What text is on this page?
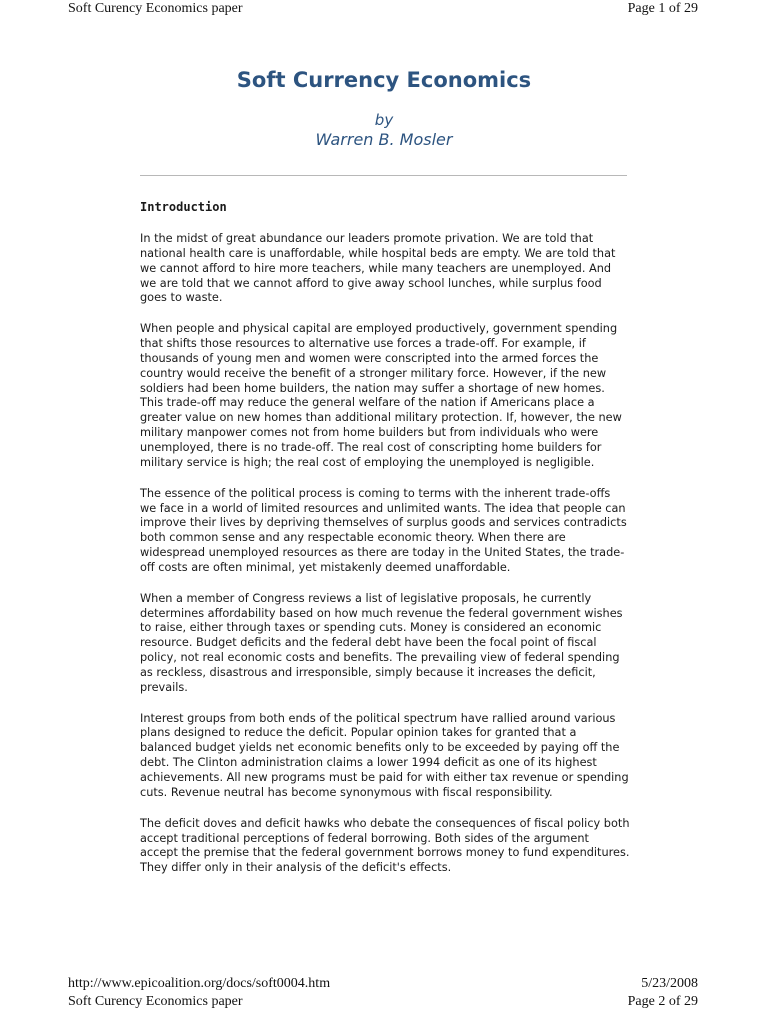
Soft Curency Economics paper	Page 1 of 29
Soft Currency Economics
by
Warren B. Mosler
Introduction

In the midst of great abundance our leaders promote privation. We are told that national health care is unaffordable, while hospital beds are empty. We are told that we cannot afford to hire more teachers, while many teachers are unemployed. And we are told that we cannot afford to give away school lunches, while surplus food goes to waste.

When people and physical capital are employed productively, government spending that shifts those resources to alternative use forces a trade-off. For example, if thousands of young men and women were conscripted into the armed forces the country would receive the benefit of a stronger military force. However, if the new soldiers had been home builders, the nation may suffer a shortage of new homes. This trade-off may reduce the general welfare of the nation if Americans place a greater value on new homes than additional military protection. If, however, the new military manpower comes not from home builders but from individuals who were unemployed, there is no trade-off. The real cost of conscripting home builders for military service is high; the real cost of employing the unemployed is negligible.

The essence of the political process is coming to terms with the inherent trade-offs we face in a world of limited resources and unlimited wants. The idea that people can improve their lives by depriving themselves of surplus goods and services contradicts both common sense and any respectable economic theory. When there are widespread unemployed resources as there are today in the United States, the trade-off costs are often minimal, yet mistakenly deemed unaffordable.

When a member of Congress reviews a list of legislative proposals, he currently determines affordability based on how much revenue the federal government wishes to raise, either through taxes or spending cuts. Money is considered an economic resource. Budget deficits and the federal debt have been the focal point of fiscal policy, not real economic costs and benefits. The prevailing view of federal spending as reckless, disastrous and irresponsible, simply because it increases the deficit, prevails.

Interest groups from both ends of the political spectrum have rallied around various plans designed to reduce the deficit. Popular opinion takes for granted that a balanced budget yields net economic benefits only to be exceeded by paying off the debt. The Clinton administration claims a lower 1994 deficit as one of its highest achievements. All new programs must be paid for with either tax revenue or spending cuts. Revenue neutral has become synonymous with fiscal responsibility.

The deficit doves and deficit hawks who debate the consequences of fiscal policy both accept traditional perceptions of federal borrowing. Both sides of the argument accept the premise that the federal government borrows money to fund expenditures. They differ only in their analysis of the deficit's effects.

http://www.epicoalition.org/docs/soft0004.htm	5/23/2008
Soft Curency Economics paper	Page 2 of 29
